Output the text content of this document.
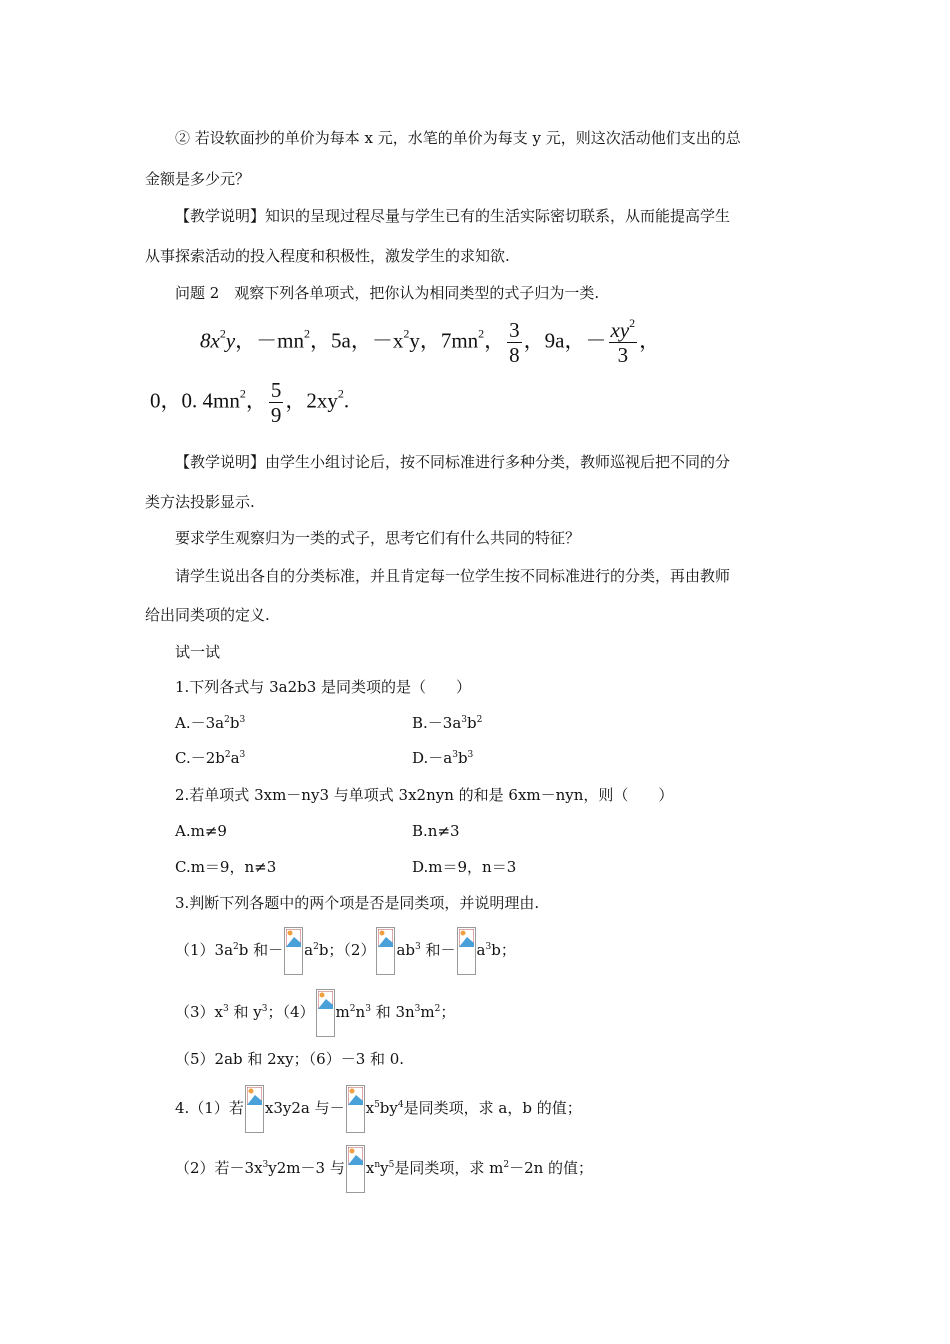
② 若设软面抄的单价为每本 x 元，水笔的单价为每支 y 元，则这次活动他们支出的总
金额是多少元？
【教学说明】知识的呈现过程尽量与学生已有的生活实际密切联系，从而能提高学生
从事探索活动的投入程度和积极性，激发学生的求知欲.
问题 2　观察下列各单项式，把你认为相同类型的式子归为一类.
$8x^2y$，$-mn^2$，5a，$-x^2y$，$7mn^2$， $\frac{3}{8}$ ，9a，－ $\frac{xy^2}{3}$ ，
0，0. $4mn^2$， $\frac{5}{9}$ ，$2xy^2$.
【教学说明】由学生小组讨论后，按不同标准进行多种分类，教师巡视后把不同的分
类方法投影显示.
要求学生观察归为一类的式子，思考它们有什么共同的特征？
请学生说出各自的分类标准，并且肯定每一位学生按不同标准进行的分类，再由教师
给出同类项的定义.
试一试
1.下列各式与 3a2b3 是同类项的是（　　）
$A.-3a^2b^3$	$B.-3a^3b^2$
$C.-2b^2a^3$	$D.-a^3b^3$
2.若单项式 3xm－ny3 与单项式 3x2nyn 的和是 6xm－nyn，则（　　）
A.m≠9	B.n≠3
C.m＝9，n≠3	D.m＝9，n＝3
3.判断下列各题中的两个项是否是同类项，并说明理由.
$(1)3a^2b$ 和－ $a^2b$；（2） $ab^3$ 和－ $a^3b$；
$(3)x^3$ 和 $y^3$；（4） $m^2n^3$ 和 $3n^3m^2$；
（5）2ab 和 2xy；（6）－3 和 0.
4.（1）若 x3y2a 与－ $x^5by^4$是同类项，求 a，b 的值；
（2）若$-3x^3y2m-3$ 与 $x^ny^5$是同类项，求 $m^2-2n$ 的值；
